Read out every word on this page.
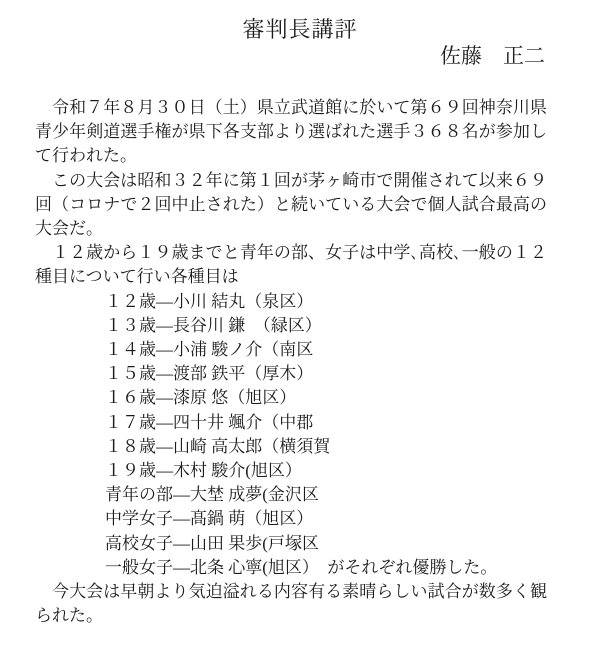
審判長講評
佐藤　正二

令和７年８月３０日（土）県立武道館に於いて第６９回神奈川県青少年剣道選手権が県下各支部より選ばれた選手３６８名が参加して行われた。

この大会は昭和３２年に第１回が茅ヶ崎市で開催されて以来６９回（コロナで２回中止された）と続いている大会で個人試合最高の大会だ。

１２歳から１９歳までと青年の部、女子は中学､高校､一般の１２種目について行い各種目は

１２歳―小川 結丸（泉区）
１３歳―長谷川 鎌　（緑区）
１４歳―小浦 駿ノ介（南区
１５歳―渡部 鉄平（厚木）
１６歳―漆原 悠（旭区）
１７歳―四十井 颯介（中郡
１８歳―山崎 高太郎（横須賀
１９歳―木村 駿介(旭区）
青年の部―大埜 成夢(金沢区
中学女子―髙鍋 萌（旭区）
高校女子―山田 果歩(戸塚区
一般女子―北条 心寧(旭区）　がそれぞれ優勝した。

今大会は早朝より気迫溢れる内容有る素晴らしい試合が数多く観られた。
